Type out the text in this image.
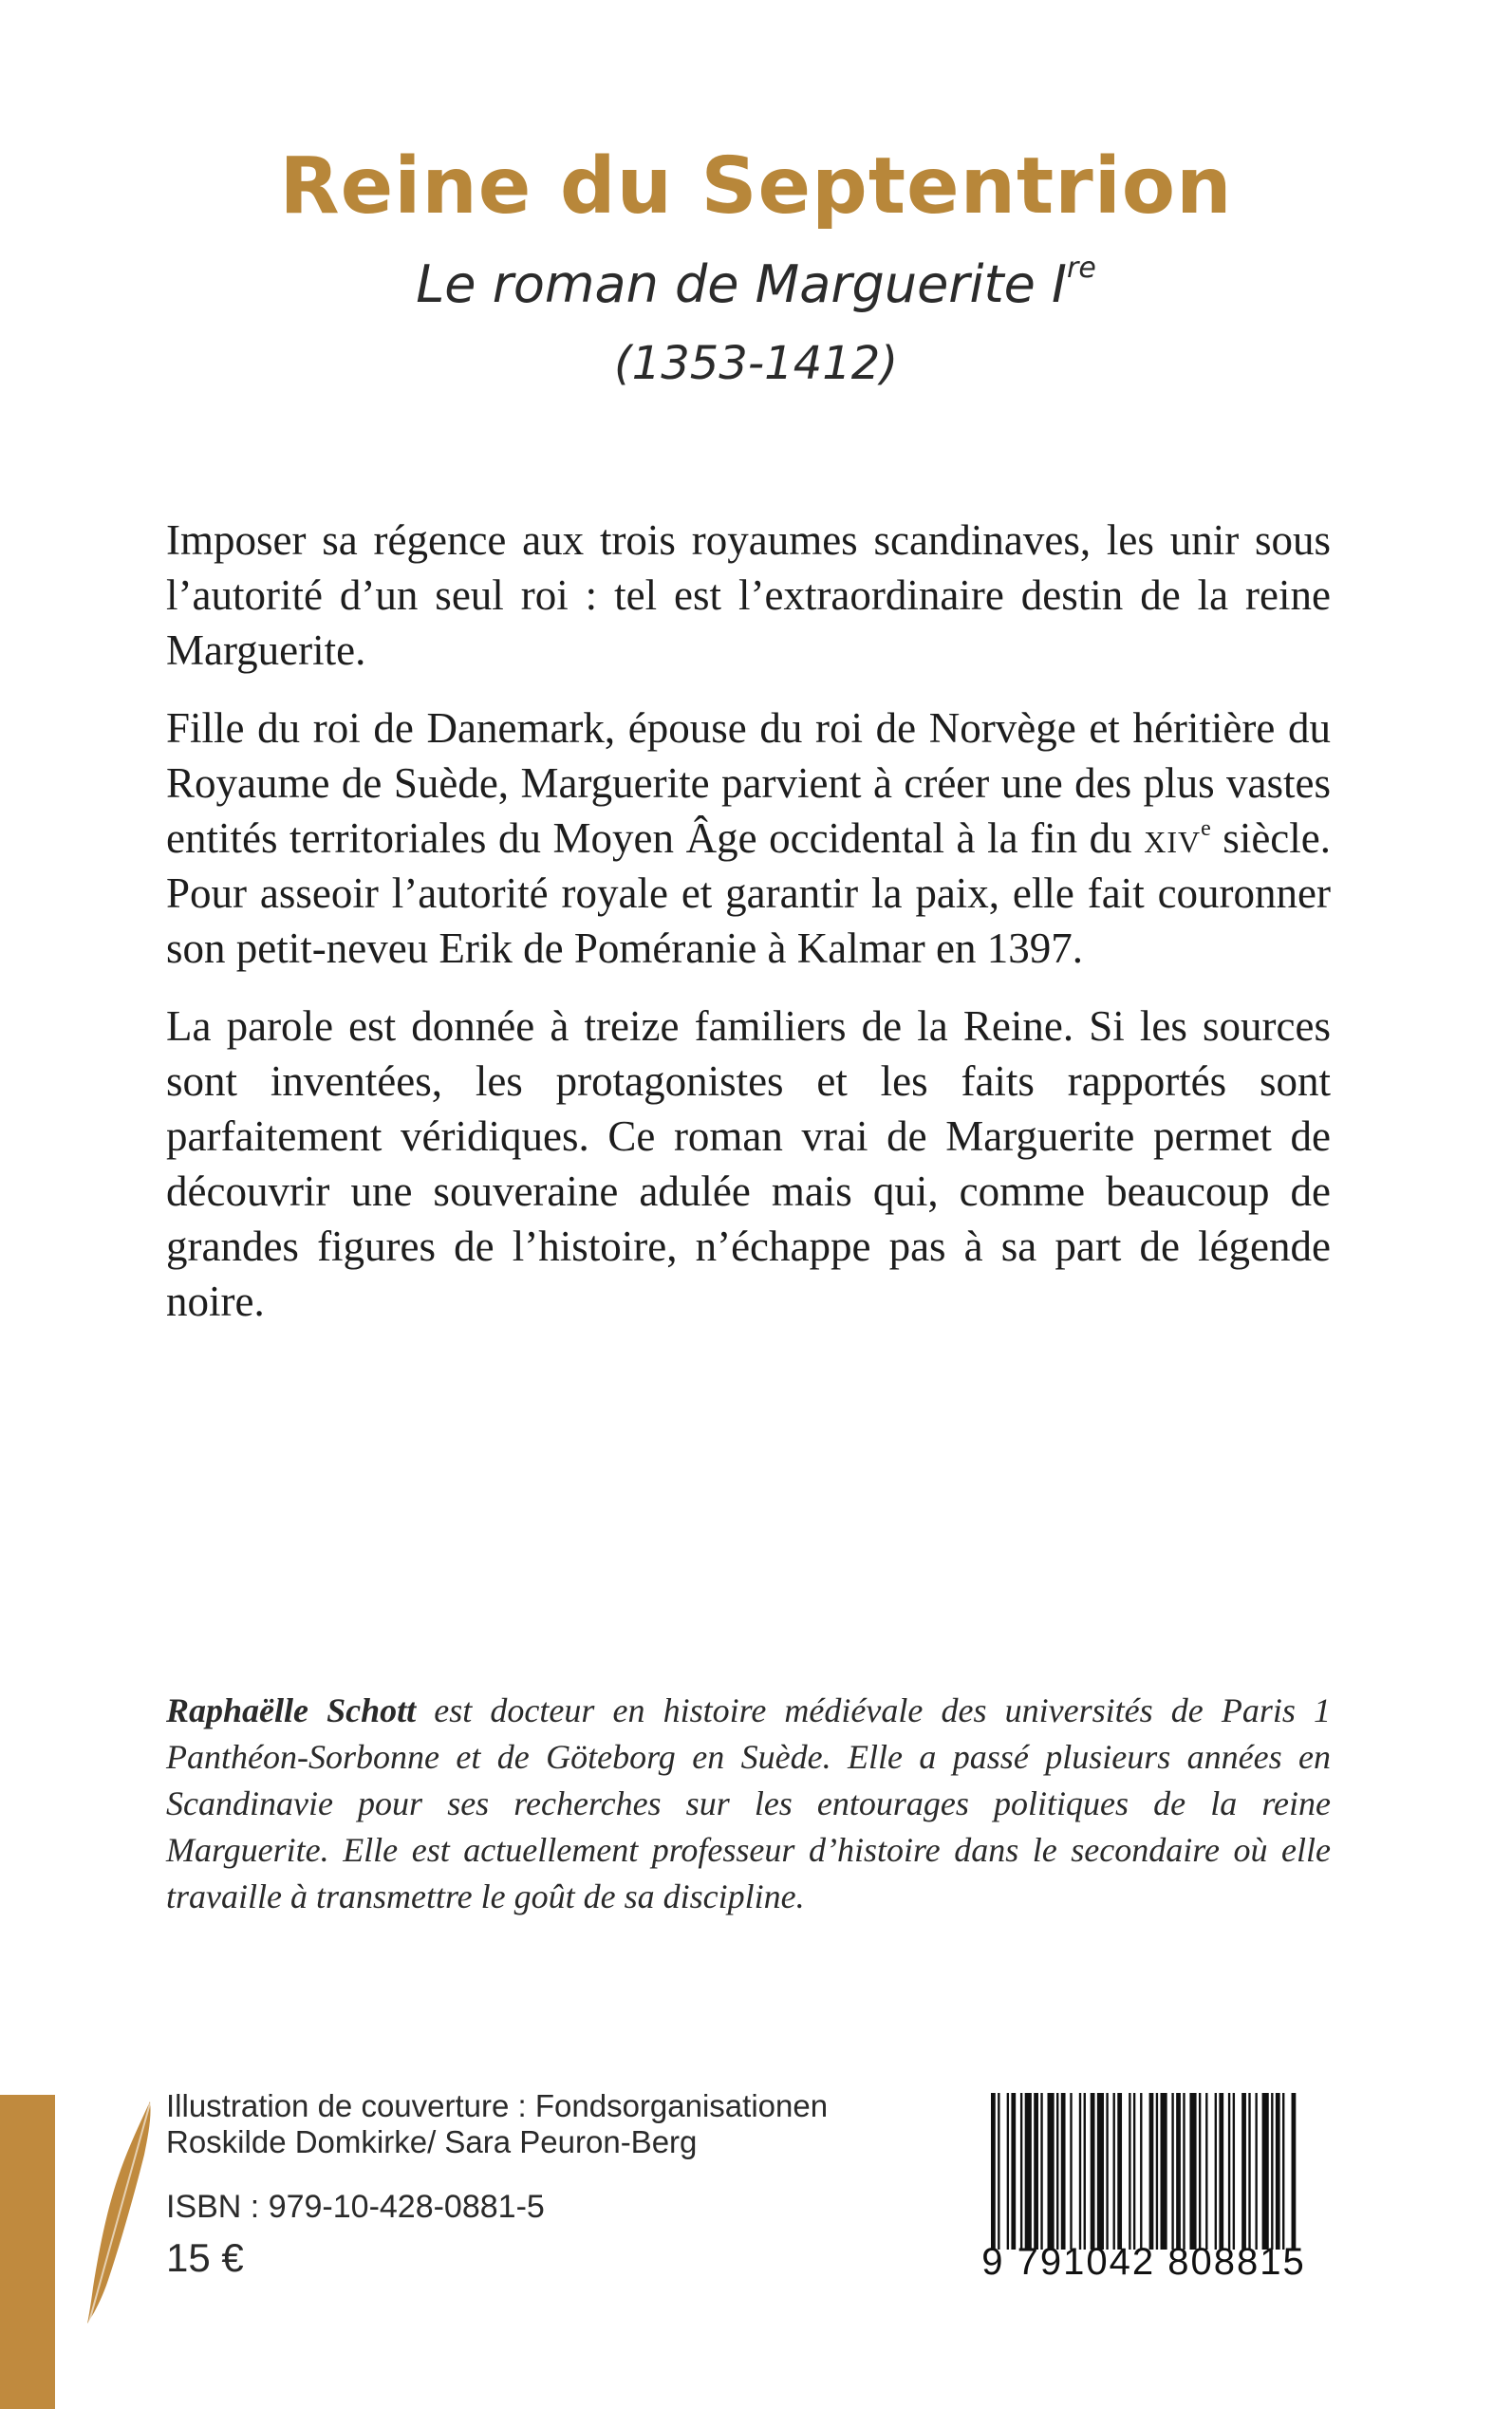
Reine du Septentrion
Le roman de Marguerite Ire
(1353-1412)

Imposer sa régence aux trois royaumes scandinaves, les unir sous l’autorité d’un seul roi : tel est l’extraordinaire destin de la reine Marguerite.

Fille du roi de Danemark, épouse du roi de Norvège et héritière du Royaume de Suède, Marguerite parvient à créer une des plus vastes entités territoriales du Moyen Âge occidental à la fin du xiv$^e$ siècle. Pour asseoir l’autorité royale et garantir la paix, elle fait couronner son petit-neveu Erik de Poméranie à Kalmar en 1397.

La parole est donnée à treize familiers de la Reine. Si les sources sont inventées, les protagonistes et les faits rapportés sont parfaitement véridiques. Ce roman vrai de Marguerite permet de découvrir une souveraine adulée mais qui, comme beaucoup de grandes figures de l’histoire, n’échappe pas à sa part de légende noire.

Raphaëlle Schott est docteur en histoire médiévale des universités de Paris 1 Panthéon-Sorbonne et de Göteborg en Suède. Elle a passé plusieurs années en Scandinavie pour ses recherches sur les entourages politiques de la reine Marguerite. Elle est actuellement professeur d’histoire dans le secondaire où elle travaille à transmettre le goût de sa discipline.

Illustration de couverture : Fondsorganisationen
Roskilde Domkirke/ Sara Peuron-Berg
ISBN : 979-10-428-0881-5
15 €	9 791042 808815
